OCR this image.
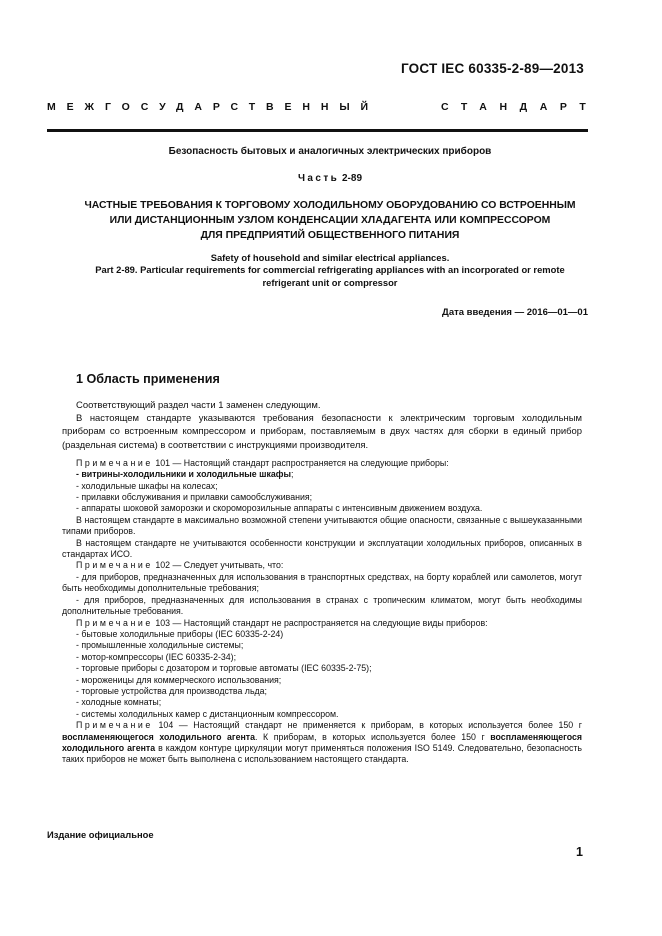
ГОСТ IEC 60335-2-89—2013
МЕЖГОСУДАРСТВЕННЫЙ	СТАНДАРТ
Безопасность бытовых и аналогичных электрических приборов
Часть 2-89
ЧАСТНЫЕ ТРЕБОВАНИЯ К ТОРГОВОМУ ХОЛОДИЛЬНОМУ ОБОРУДОВАНИЮ СО ВСТРОЕННЫМ
ИЛИ ДИСТАНЦИОННЫМ УЗЛОМ КОНДЕНСАЦИИ ХЛАДАГЕНТА ИЛИ КОМПРЕССОРОМ
ДЛЯ ПРЕДПРИЯТИЙ ОБЩЕСТВЕННОГО ПИТАНИЯ
Safety of household and similar electrical appliances.
Part 2-89. Particular requirements for commercial refrigerating appliances with an incorporated or remote
refrigerant unit or compressor
Дата введения — 2016—01—01
1 Область применения

Соответствующий раздел части 1 заменен следующим.

В настоящем стандарте указываются требования безопасности к электрическим торговым холодильным приборам со встроенным компрессором и приборам, поставляемым в двух частях для сборки в единый прибор (раздельная система) в соответствии с инструкциями производителя.

Примечание 101 — Настоящий стандарт распространяется на следующие приборы:

- витрины-холодильники и холодильные шкафы;

- холодильные шкафы на колесах;

- прилавки обслуживания и прилавки самообслуживания;

- аппараты шоковой заморозки и скороморозильные аппараты с интенсивным движением воздуха.

В настоящем стандарте в максимально возможной степени учитываются общие опасности, связанные с вышеуказанными типами приборов.

В настоящем стандарте не учитываются особенности конструкции и эксплуатации холодильных приборов, описанных в стандартах ИСО.

Примечание 102 — Следует учитывать, что:

- для приборов, предназначенных для использования в транспортных средствах, на борту кораблей или самолетов, могут быть необходимы дополнительные требования;

- для приборов, предназначенных для использования в странах с тропическим климатом, могут быть необходимы дополнительные требования.

Примечание 103 — Настоящий стандарт не распространяется на следующие виды приборов:

- бытовые холодильные приборы (IEC 60335-2-24)

- промышленные холодильные системы;

- мотор-компрессоры (IEC 60335-2-34);

- торговые приборы с дозатором и торговые автоматы (IEC 60335-2-75);

- мороженицы для коммерческого использования;

- торговые устройства для производства льда;

- холодные комнаты;

- системы холодильных камер с дистанционным компрессором.

Примечание 104 — Настоящий стандарт не применяется к приборам, в которых используется более 150 г воспламеняющегося холодильного агента. К приборам, в которых используется более 150 г воспламеняющегося холодильного агента в каждом контуре циркуляции могут применяться положения ISO 5149. Следовательно, безопасность таких приборов не может быть выполнена с использованием настоящего стандарта.

Издание официальное
1
